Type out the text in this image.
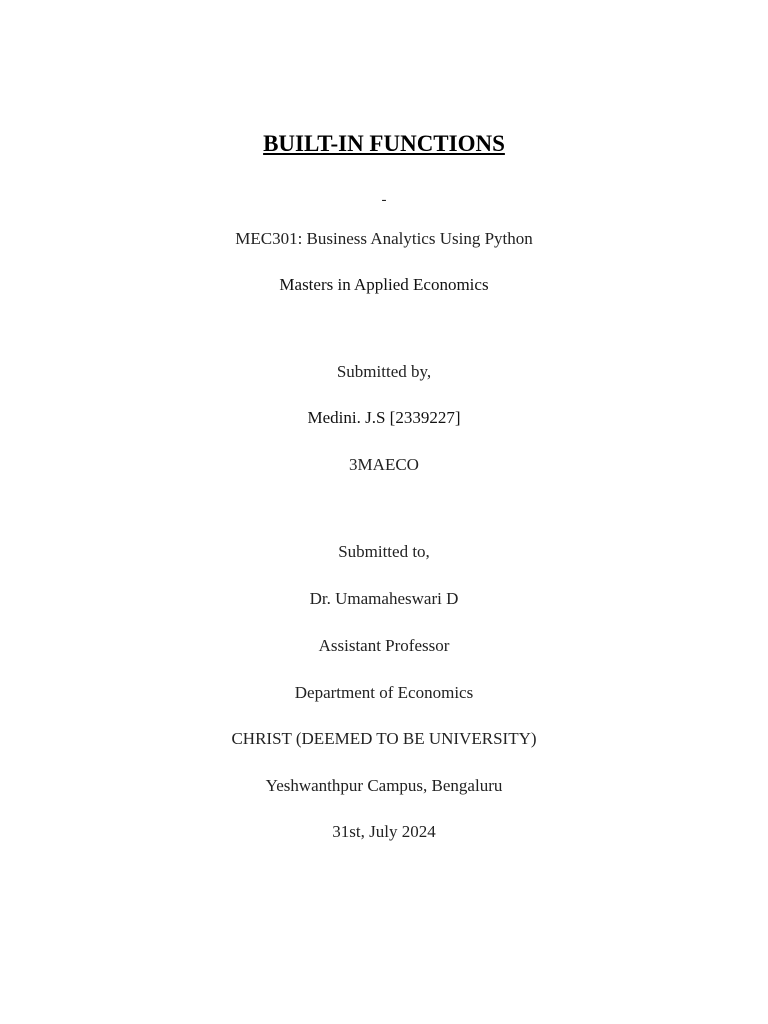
BUILT-IN FUNCTIONS
-
MEC301: Business Analytics Using Python
Masters in Applied Economics
Submitted by,
Medini. J.S [2339227]
3MAECO
Submitted to,
Dr. Umamaheswari D
Assistant Professor
Department of Economics
CHRIST (DEEMED TO BE UNIVERSITY)
Yeshwanthpur Campus, Bengaluru
31st, July 2024
